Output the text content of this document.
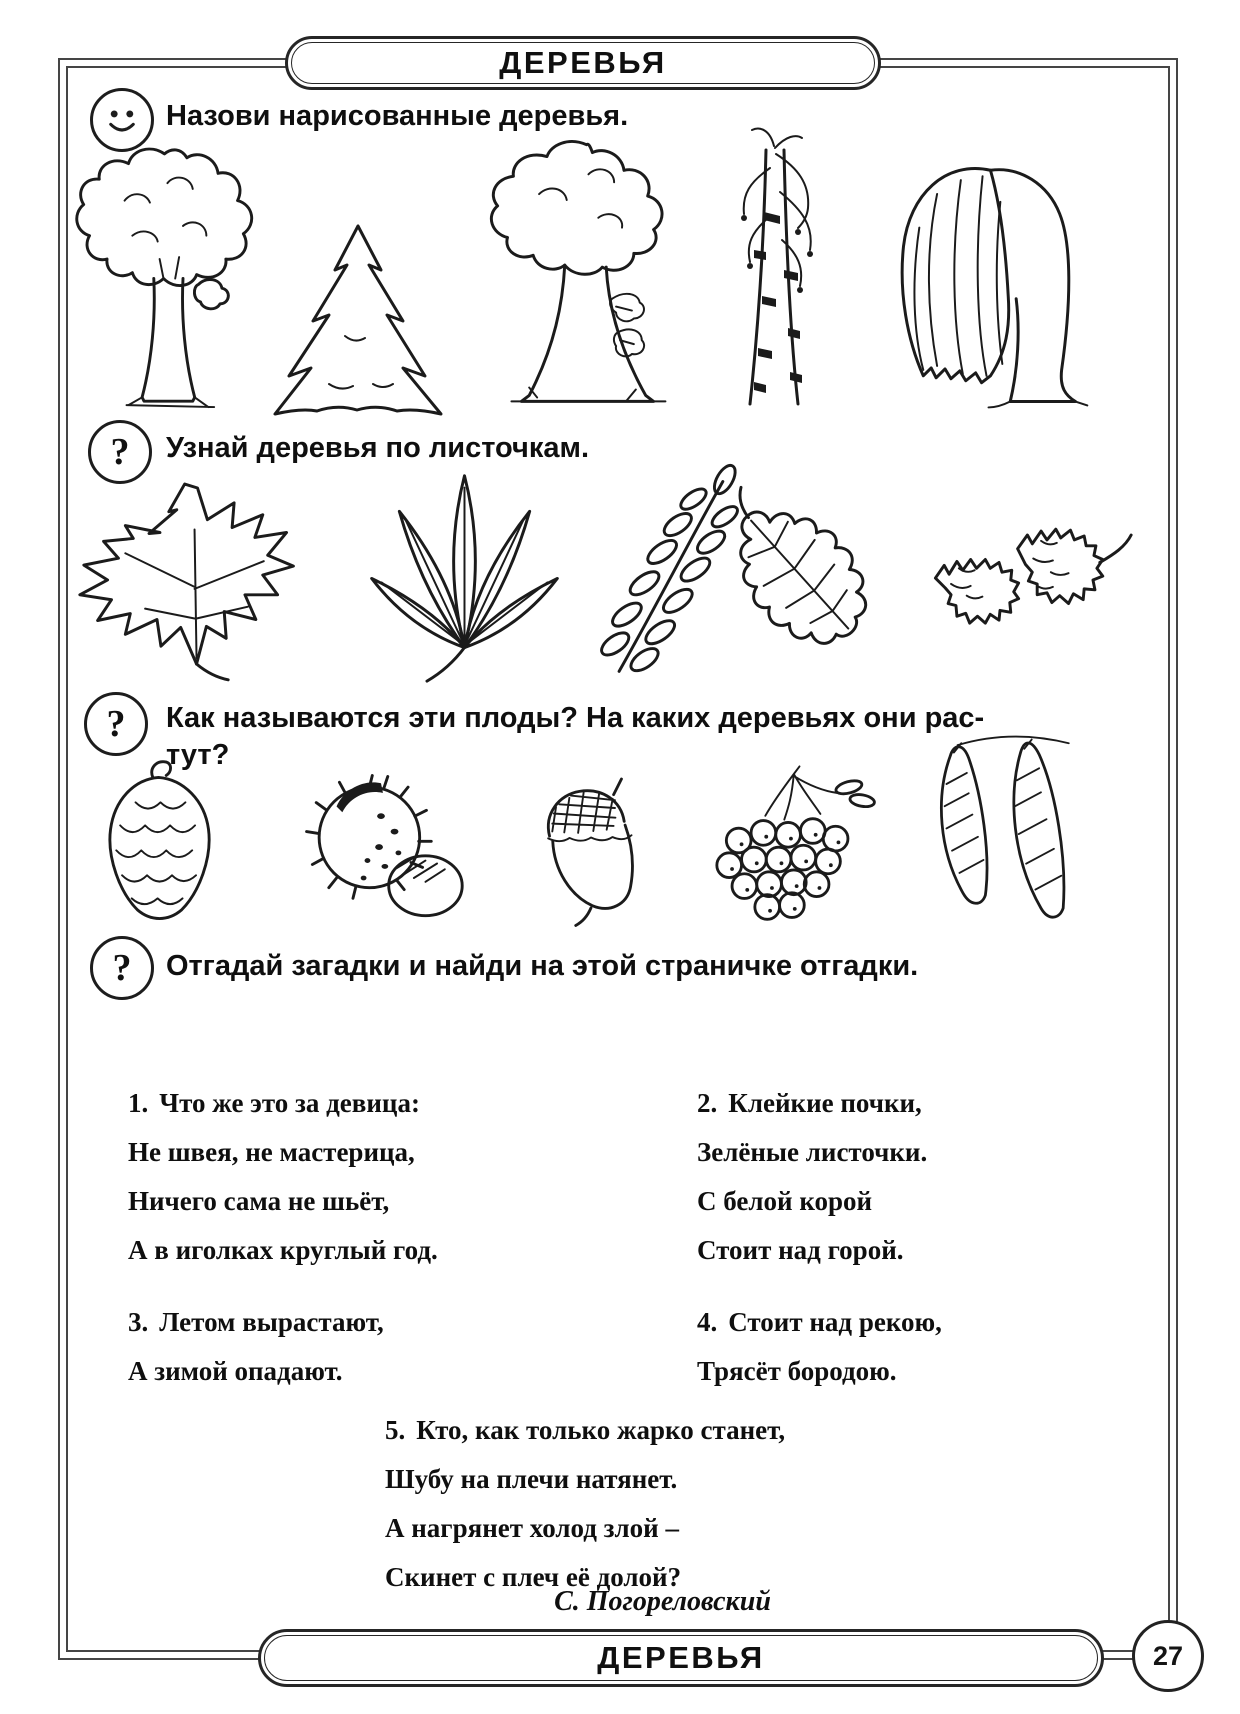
ДЕРЕВЬЯ
ДЕРЕВЬЯ	27
Назови нарисованные деревья.
? Узнай деревья по листочкам.
? Как называются эти плоды? На каких деревьях они рас-
тут?
? Отгадай загадки и найди на этой страничке отгадки.
1. Что же это за девица:
Не швея, не мастерица,
Ничего сама не шьёт,
А в иголках круглый год.
2. Клейкие почки,
Зелёные листочки.
С белой корой
Стоит над горой.
3. Летом вырастают,
А зимой опадают.
4. Стоит над рекою,
Трясёт бородою.
5. Кто, как только жарко станет,
Шубу на плечи натянет.
А нагрянет холод злой –
Скинет с плеч её долой?
С. Погореловский
